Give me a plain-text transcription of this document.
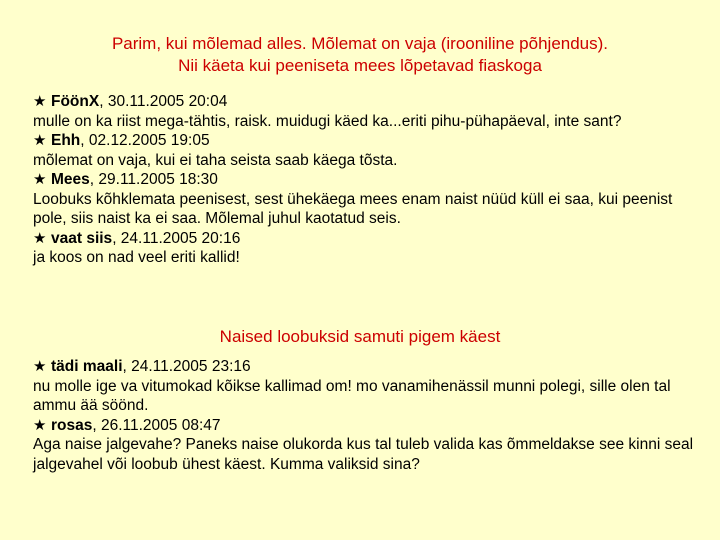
Parim, kui mõlemad alles. Mõlemat on vaja (irooniline põhjendus).
Nii käeta kui peeniseta mees lõpetavad fiaskoga
★ FöönX, 30.11.2005 20:04
mulle on ka riist mega-tähtis, raisk. muidugi käed ka...eriti pihu-pühapäeval, inte sant?
★ Ehh, 02.12.2005 19:05
mõlemat on vaja, kui ei taha seista saab käega tõsta.
★ Mees, 29.11.2005 18:30
Loobuks kõhklemata peenisest, sest ühekäega mees enam naist nüüd küll ei saa, kui peenist pole, siis naist ka ei saa. Mõlemal juhul kaotatud seis.
★ vaat siis, 24.11.2005 20:16
ja koos on nad veel eriti kallid!
Naised loobuksid samuti pigem käest
★ tädi maali, 24.11.2005 23:16
nu molle ige va vitumokad kõikse kallimad om! mo vanamihenässil munni polegi, sille olen tal ammu ää söönd.
★ rosas, 26.11.2005 08:47
Aga naise jalgevahe? Paneks naise olukorda kus tal tuleb valida kas õmmeldakse see kinni seal jalgevahel või loobub ühest käest. Kumma valiksid sina?
